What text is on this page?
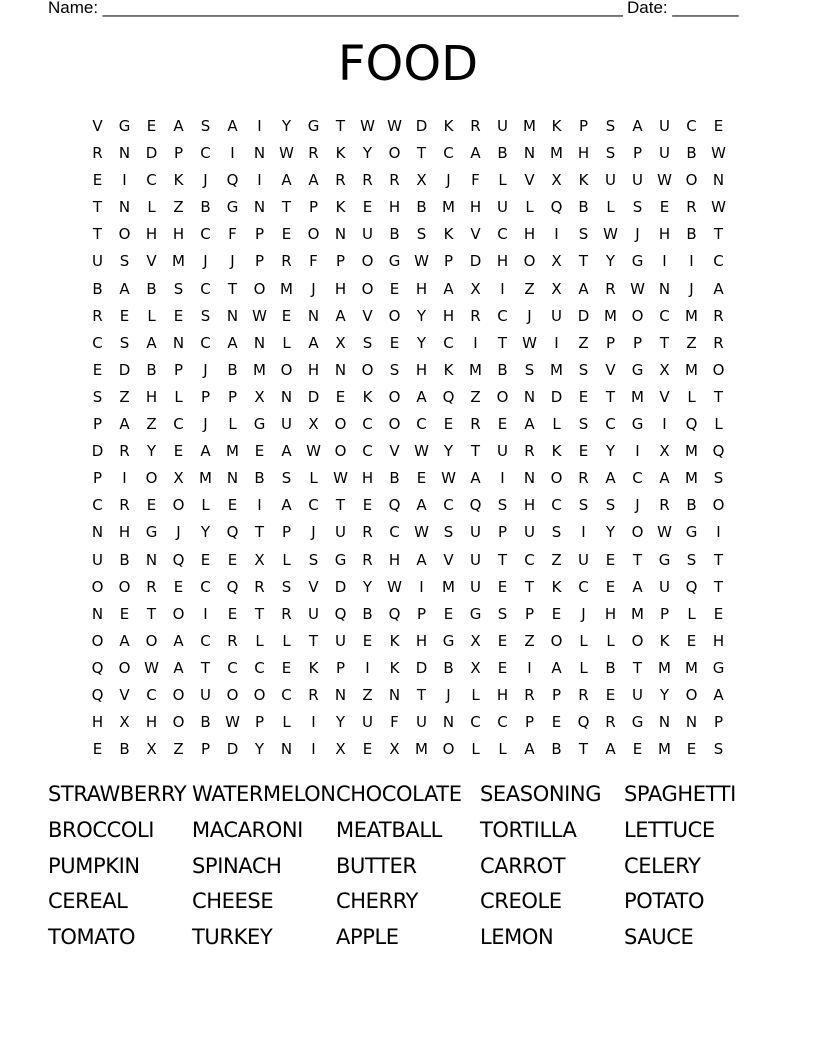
Name: _______________________________________________________

Date: _______

FOOD
V	G	E	A	S	A	I	Y	G	T	W W D	K	R	U	M	K	P	S	A	U	C	E
R	N	D	P	C	I	N W R	K	Y	O	T	C	A	B	N M H	S	P	U	B W
E	I	C	K	J	Q	I	A	A	R	R	R	X	J	F	L	V	X	K	U	U W O	N
T	N	L	Z	B	G	N	T	P	K	E	H	B	M H	U	L	Q	B	L	S	E	R W
T	O	H	H	C	F	P	E	O	N	U	B	S	K	V	C	H	I	S W	J	H	B	T
U	S	V	M	J	J	P	R	F	P	O	G W	P	D	H	O	X	T	Y	G	I	I	C
B	A	B	S	C	T	O M	J	H	O	E	H	A	X	I	Z	X	A	R W N	J	A
R	E	L	E	S	N W E	N	A	V	O	Y	H	R	C	J	U	D M O	C	M	R
C	S	A	N	C	A	N	L	A	X	S	E	Y	C	I	T	W	I	Z	P	P	T	Z	R
E	D	B	P	J	B	M O	H	N	O	S	H	K	M	B	S	M	S	V	G	X	M O
S	Z	H	L	P	P	X	N	D	E	K	O	A	Q	Z	O	N	D	E	T	M	V	L	T
P	A	Z	C	J	L	G	U	X	O	C	O	C	E	R	E	A	L	S	C	G	I	Q	L
D	R	Y	E	A	M	E	A W O	C	V W Y	T	U	R	K	E	Y	I	X	M Q
P	I	O	X	M N	B	S	L	W H	B	E W A	I	N	O	R	A	C	A	M	S
C	R	E	O	L	E	I	A	C	T	E	Q	A	C	Q	S	H	C	S	S	J	R	B	O
N	H	G	J	Y	Q	T	P	J	U	R	C W S	U	P	U	S	I	Y	O W G	I
U	B	N	Q	E	E	X	L	S	G	R	H	A	V	U	T	C	Z	U	E	T	G	S	T
O	O	R	E	C	Q	R	S	V	D	Y	W	I	M	U	E	T	K	C	E	A	U	Q	T
N	E	T	O	I	E	T	R	U	Q	B	Q	P	E	G	S	P	E	J	H M	P	L	E
O	A	O	A	C	R	L	L	T	U	E	K	H	G	X	E	Z	O	L	L	O	K	E	H
Q	O W A	T	C	C	E	K	P	I	K	D	B	X	E	I	A	L	B	T	M M G
Q	V	C	O	U	O	O	C	R	N	Z	N	T	J	L	H	R	P	R	E	U	Y	O	A
H	X	H	O	B W	P	L	I	Y	U	F	U	N	C	C	P	E	Q	R	G	N	N	P
E	B	X	Z	P	D	Y	N	I	X	E	X	M O	L	L	A	B	T	A	E	M	E	S
STRAWBERRY WATERMELON CHOCOLATE SEASONING	SPAGHETTI
BROCCOLI	MACARONI	MEATBALL	TORTILLA	LETTUCE
PUMPKIN	SPINACH	BUTTER	CARROT	CELERY
CEREAL	CHEESE	CHERRY	CREOLE	POTATO
TOMATO	TURKEY	APPLE	LEMON	SAUCE
